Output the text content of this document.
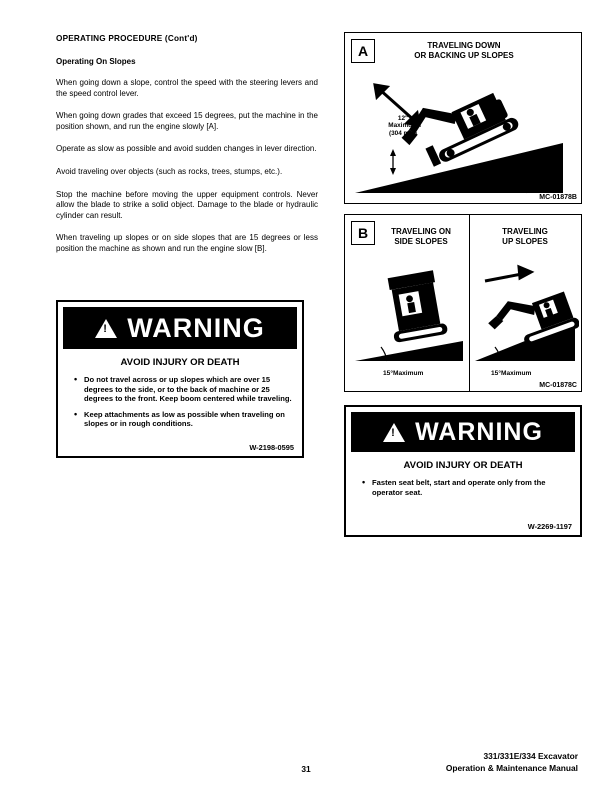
OPERATING PROCEDURE (Cont'd)
Operating On Slopes

When going down a slope, control the speed with the steering levers and the speed control lever.

When going down grades that exceed 15 degrees, put the machine in the position shown, and run the engine slowly [A].

Operate as slow as possible and avoid sudden changes in lever direction.

Avoid traveling over objects (such as rocks, trees, stumps, etc.).

Stop the machine before moving the upper equipment controls. Never allow the blade to strike a solid object. Damage to the blade or hydraulic cylinder can result.

When traveling up slopes or on side slopes that are 15 degrees or less position the machine as shown and run the engine slow [B].

!
WARNING
AVOID INJURY OR DEATH
• Do not travel across or up slopes which are over 15 degrees to the side, or to the back of machine or 25 degrees to the front. Keep boom centered while traveling.
• Keep attachments as low as possible when traveling on slopes or in rough conditions.
W-2198-0595
A	TRAVELING DOWN
OR BACKING UP SLOPES
12"
Maximum
(304 mm)
25° Maximum
MC-01878B
B	TRAVELING ON
SIDE SLOPES
TRAVELING
UP SLOPES
15°Maximum	15°Maximum
MC-01878C
!
WARNING
AVOID INJURY OR DEATH
• Fasten seat belt, start and operate only from the operator seat.
W-2269-1197
31
331/331E/334 Excavator
Operation & Maintenance Manual
